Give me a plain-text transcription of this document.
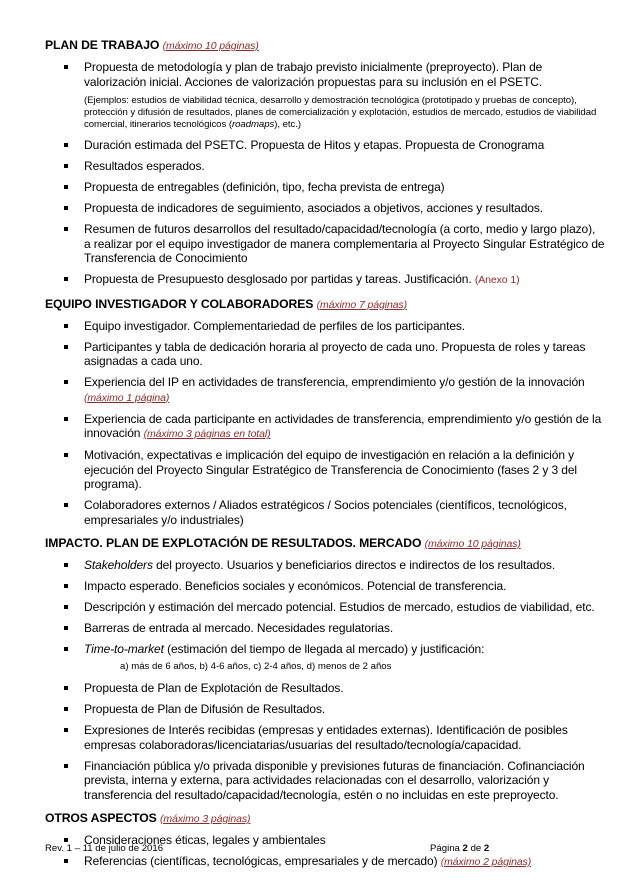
PLAN DE TRABAJO (máximo 10 páginas)
Propuesta de metodología y plan de trabajo previsto inicialmente (preproyecto). Plan de valorización inicial. Acciones de valorización propuestas para su inclusión en el PSETC.
(Ejemplos: estudios de viabilidad técnica, desarrollo y demostración tecnológica (prototipado y pruebas de concepto), protección y difusión de resultados, planes de comercialización y explotación, estudios de mercado, estudios de viabilidad comercial, itinerarios tecnológicos (roadmaps), etc.)
Duración estimada del PSETC. Propuesta de Hitos y etapas. Propuesta de Cronograma
Resultados esperados.
Propuesta de entregables (definición, tipo, fecha prevista de entrega)
Propuesta de indicadores de seguimiento, asociados a objetivos, acciones y resultados.
Resumen de futuros desarrollos del resultado/capacidad/tecnología (a corto, medio y largo plazo), a realizar por el equipo investigador de manera complementaria al Proyecto Singular Estratégico de Transferencia de Conocimiento
Propuesta de Presupuesto desglosado por partidas y tareas. Justificación. (Anexo 1)
EQUIPO INVESTIGADOR Y COLABORADORES (máximo 7 páginas)
Equipo investigador. Complementariedad de perfiles de los participantes.
Participantes y tabla de dedicación horaria al proyecto de cada uno. Propuesta de roles y tareas asignadas a cada uno.
Experiencia del IP en actividades de transferencia, emprendimiento y/o gestión de la innovación
(máximo 1 página)
Experiencia de cada participante en actividades de transferencia, emprendimiento y/o gestión de la innovación (máximo 3 páginas en total)
Motivación, expectativas e implicación del equipo de investigación en relación a la definición y ejecución del Proyecto Singular Estratégico de Transferencia de Conocimiento (fases 2 y 3 del programa).
Colaboradores externos / Aliados estratégicos / Socios potenciales (científicos, tecnológicos, empresariales y/o industriales)
IMPACTO. PLAN DE EXPLOTACIÓN DE RESULTADOS. MERCADO (máximo 10 páginas)
Stakeholders del proyecto. Usuarios y beneficiarios directos e indirectos de los resultados.
Impacto esperado. Beneficios sociales y económicos. Potencial de transferencia.
Descripción y estimación del mercado potencial. Estudios de mercado, estudios de viabilidad, etc.
Barreras de entrada al mercado. Necesidades regulatorias.
Time-to-market (estimación del tiempo de llegada al mercado) y justificación:
a) más de 6 años, b) 4-6 años, c) 2-4 años, d) menos de 2 años
Propuesta de Plan de Explotación de Resultados.
Propuesta de Plan de Difusión de Resultados.
Expresiones de Interés recibidas (empresas y entidades externas). Identificación de posibles empresas colaboradoras/licenciatarias/usuarias del resultado/tecnología/capacidad.
Financiación pública y/o privada disponible y previsiones futuras de financiación. Cofinanciación prevista, interna y externa, para actividades relacionadas con el desarrollo, valorización y transferencia del resultado/capacidad/tecnología, estén o no incluidas en este preproyecto.
OTROS ASPECTOS (máximo 3 páginas)
Consideraciones éticas, legales y ambientales
Referencias (científicas, tecnológicas, empresariales y de mercado) (máximo 2 páginas)
Rev. 1 – 11 de julio de 2016	Página 2 de 2
